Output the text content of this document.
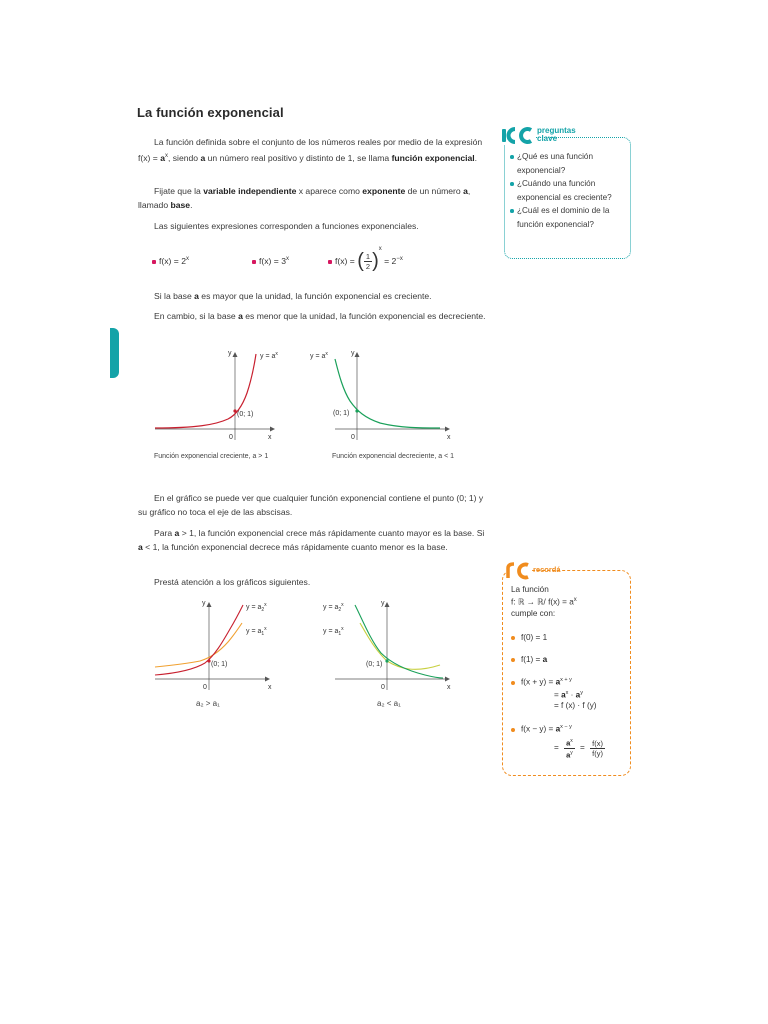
La función exponencial
La función definida sobre el conjunto de los números reales por medio de la expresión $f(x) = a^x$, siendo a un número real positivo y distinto de 1, se llama función exponencial.
Fijate que la variable independiente x aparece como exponente de un número a, llamado base.
Las siguientes expresiones corresponden a funciones exponenciales.
$f(x) = 2^x$	$f(x) = 3^x$	f(x) = ( $\frac{1}{2} )^x = 2^{-x}$
Si la base a es mayor que la unidad, la función exponencial es creciente.
En cambio, si la base a es menor que la unidad, la función exponencial es decreciente.
(0; 1)
y
x
0
$y = a^x$
Función exponencial creciente, a > 1
(0; 1)
y
x
0
$y = a^x$
Función exponencial decreciente, a < 1
En el gráfico se puede ver que cualquier función exponencial contiene el punto (0; 1) y su gráfico no toca el eje de las abscisas.
Para a > 1, la función exponencial crece más rápidamente cuanto mayor es la base. Si a < 1, la función exponencial decrece más rápidamente cuanto menor es la base.
Prestá atención a los gráficos siguientes.
(0; 1)
y
x
0
$y = a_2^x$
$y = a_1^x$
a₂ > a₁
(0; 1)
y
x
0
$y = a_2^x$
$y = a_1^x$
a₂ < a₁
preguntas
clave
¿Qué es una función exponencial?
¿Cuándo una función exponencial es creciente?
¿Cuál es el dominio de la función exponencial?
recordá
La función
f: ℝ → ℝ/ $f(x) = a^x$
cumple con:
f(0) = 1
f(1) = a
$f(x + y) = a^{x + y}$
= $a^x \cdot a^y$
= f (x) · f (y)
$f(x - y) = a^{x - y}$
= $\frac{a^x}{a^y} = \frac{f(x)}{f(y)}$
